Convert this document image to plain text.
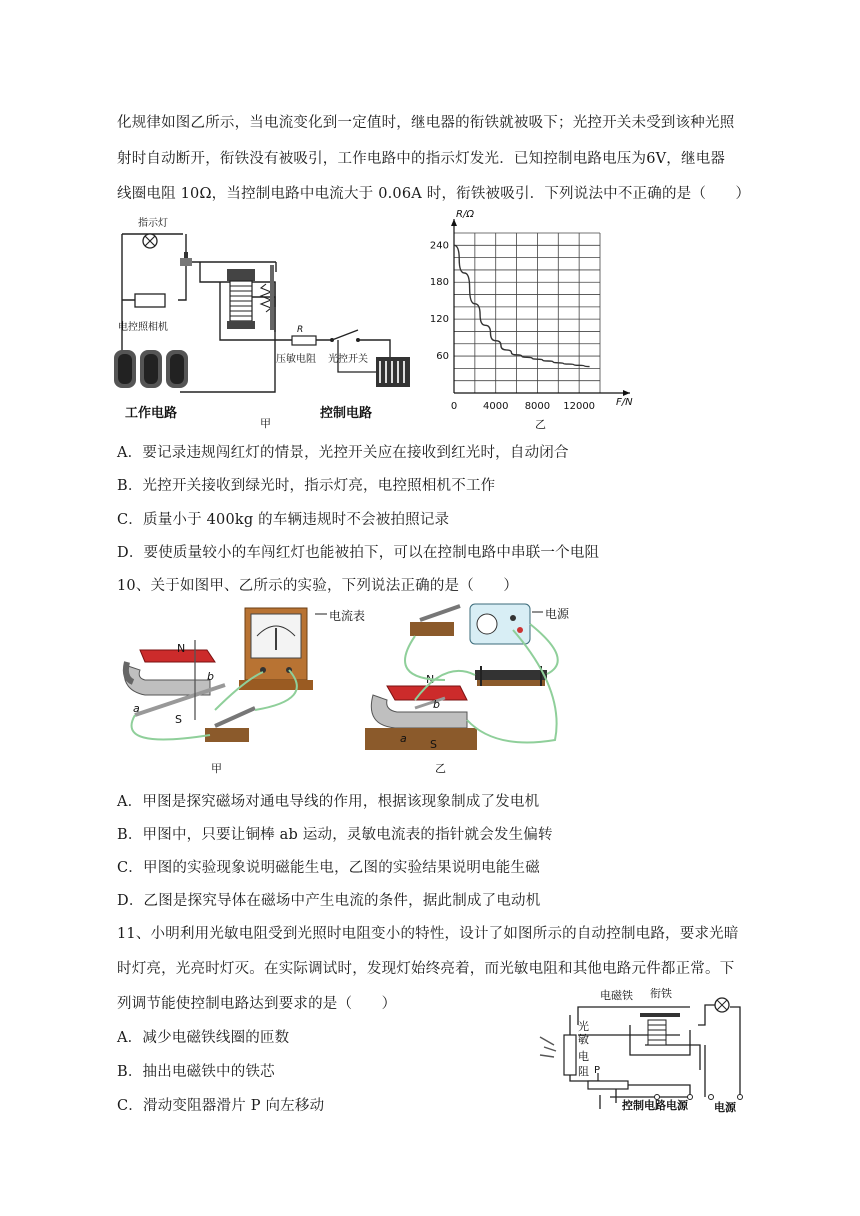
化规律如图乙所示，当电流变化到一定值时，继电器的衔铁就被吸下；光控开关未受到该种光照
射时自动断开，衔铁没有被吸引，工作电路中的指示灯发光．已知控制电路电压为6V，继电器
线圈电阻 10Ω，当控制电路中电流大于 0.06A 时，衔铁被吸引．下列说法中不正确的是（　　）
指示灯
电控照相机	R
压敏电阻 光控开关
工作电路	控制电路
甲
0	4000 8000 12000
60
120
180
240
R/Ω
F/N
乙
A．要记录违规闯红灯的情景，光控开关应在接收到红光时，自动闭合
B．光控开关接收到绿光时，指示灯亮，电控照相机不工作
C．质量小于 400kg 的车辆违规时不会被拍照记录
D．要使质量较小的车闯红灯也能被拍下，可以在控制电路中串联一个电阻
10、关于如图甲、乙所示的实验，下列说法正确的是（　　）
N
S
a
b
电流表
甲
电源
N
S
a
b
乙
A．甲图是探究磁场对通电导线的作用，根据该现象制成了发电机
B．甲图中，只要让铜棒 ab 运动，灵敏电流表的指针就会发生偏转
C．甲图的实验现象说明磁能生电，乙图的实验结果说明电能生磁
D．乙图是探究导体在磁场中产生电流的条件，据此制成了电动机
11、小明利用光敏电阻受到光照时电阻变小的特性，设计了如图所示的自动控制电路，要求光暗
时灯亮，光亮时灯灭。在实际调试时，发现灯始终亮着，而光敏电阻和其他电路元件都正常。下
列调节能使控制电路达到要求的是（　　）
A．减少电磁铁线圈的匝数
B．抽出电磁铁中的铁芯
C．滑动变阻器滑片 P 向左移动
光
敏
电
阻 P
电磁铁 衔铁
控制电路电源 电源
